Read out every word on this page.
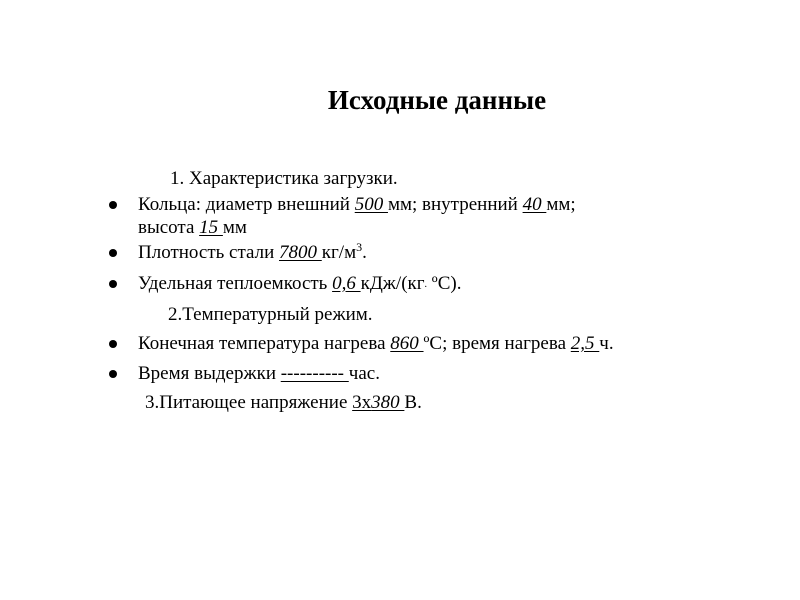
Исходные данные
1. Характеристика загрузки.
Кольца: диаметр внешний 500 мм; внутренний 40 мм;
высота 15 мм
Плотность стали 7800 $кг/м^3$.
Удельная теплоемкость 0,6 кДж/(кг. ºС).
2.Температурный режим.
Конечная температура нагрева 860 ºС; время нагрева 2,5 ч.
Время выдержки ---------- час.
3.Питающее напряжение 3х380 В.
